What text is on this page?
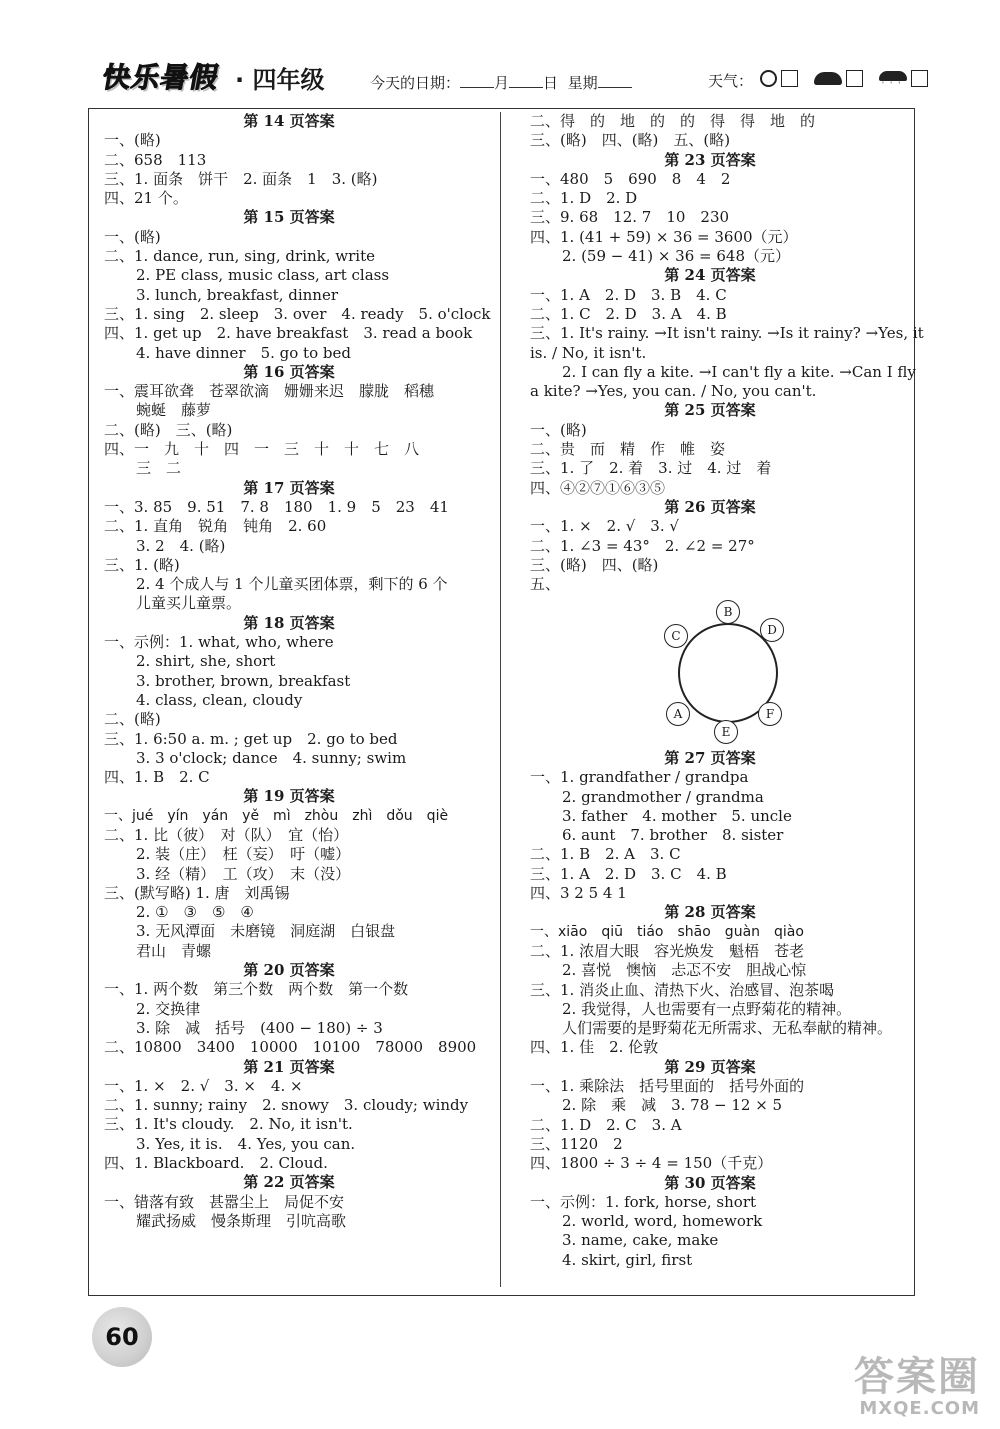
快乐暑假 · 四年级	今天的日期： 月 日 星期	天气：	' ' '
第 14 页答案
一、(略)
二、658　113
三、1. 面条　饼干　2. 面条　1　3. (略)
四、21 个。
第 15 页答案
一、(略)
二、1. dance, run, sing, drink, write
2. PE class, music class, art class
3. lunch, breakfast, dinner
三、1. sing　2. sleep　3. over　4. ready　5. o'clock
四、1. get up　2. have breakfast　3. read a book
4. have dinner　5. go to bed
第 16 页答案
一、震耳欲聋　苍翠欲滴　姗姗来迟　朦胧　稻穗
蜿蜒　藤萝
二、(略)　三、(略)
四、一　九　十　四　一　三　十　十　七　八
三　二
第 17 页答案
一、3. 85　9. 51　7. 8　180　1. 9　5　23　41
二、1. 直角　锐角　钝角　2. 60
3. 2　4. (略)
三、1. (略)
2. 4 个成人与 1 个儿童买团体票，剩下的 6 个
儿童买儿童票。
第 18 页答案
一、示例：1. what, who, where
2. shirt, she, short
3. brother, brown, breakfast
4. class, clean, cloudy
二、(略)
三、1. 6:50 a. m. ; get up　2. go to bed
3. 3 o'clock; dance　4. sunny; swim
四、1. B　2. C
第 19 页答案
一、jué　yín　yán　yě　mì　zhòu　zhì　dǒu　qiè
二、1. 比（彼）　对（队）　宜（怡）
2. 装（庄）　枉（妄）　吁（嘘）
3. 经（精）　工（攻）　末（没）
三、(默写略) 1. 唐　刘禹锡
2. ①　③　⑤　④
3. 无风潭面　未磨镜　洞庭湖　白银盘
君山　青螺
第 20 页答案
一、1. 两个数　第三个数　两个数　第一个数
2. 交换律
3. 除　减　括号　(400 − 180) ÷ 3
二、10800　3400　10000　10100　78000　8900
第 21 页答案
一、1. ×　2. √　3. ×　4. ×
二、1. sunny; rainy　2. snowy　3. cloudy; windy
三、1. It's cloudy.　2. No, it isn't.
3. Yes, it is.　4. Yes, you can.
四、1. Blackboard.　2. Cloud.
第 22 页答案
一、错落有致　甚嚣尘上　局促不安
耀武扬威　慢条斯理　引吭高歌
二、得　的　地　的　的　得　得　地　的
三、(略)　四、(略)　五、(略)
第 23 页答案
一、480　5　690　8　4　2
二、1. D　2. D
三、9. 68　12. 7　10　230
四、1. (41 + 59) × 36 = 3600（元）
2. (59 − 41) × 36 = 648（元）
第 24 页答案
一、1. A　2. D　3. B　4. C
二、1. C　2. D　3. A　4. B
三、1. It's rainy. →It isn't rainy. →Is it rainy? →Yes, it
is. / No, it isn't.
2. I can fly a kite. →I can't fly a kite. →Can I fly
a kite? →Yes, you can. / No, you can't.
第 25 页答案
一、(略)
二、贵　而　精　作　帷　姿
三、1. 了　2. 着　3. 过　4. 过　着
四、④②⑦①⑥③⑤
第 26 页答案
一、1. ×　2. √　3. √
二、1. ∠3 = 43°　2. ∠2 = 27°
三、(略)　四、(略)
五、
B
C	D
A
E
F
第 27 页答案
一、1. grandfather / grandpa
2. grandmother / grandma
3. father　4. mother　5. uncle
6. aunt　7. brother　8. sister
二、1. B　2. A　3. C
三、1. A　2. D　3. C　4. B
四、3 2 5 4 1
第 28 页答案
一、xiāo　qiū　tiáo　shāo　guàn　qiào
二、1. 浓眉大眼　容光焕发　魁梧　苍老
2. 喜悦　懊恼　忐忑不安　胆战心惊
三、1. 消炎止血、清热下火、治感冒、泡茶喝
2. 我觉得，人也需要有一点野菊花的精神。
人们需要的是野菊花无所需求、无私奉献的精神。
四、1. 佳　2. 伦敦
第 29 页答案
一、1. 乘除法　括号里面的　括号外面的
2. 除　乘　减　3. 78 − 12 × 5
二、1. D　2. C　3. A
三、1120　2
四、1800 ÷ 3 ÷ 4 = 150（千克）
第 30 页答案
一、示例：1. fork, horse, short
2. world, word, homework
3. name, cake, make
4. skirt, girl, first
60
答案圈
MXQE.COM
